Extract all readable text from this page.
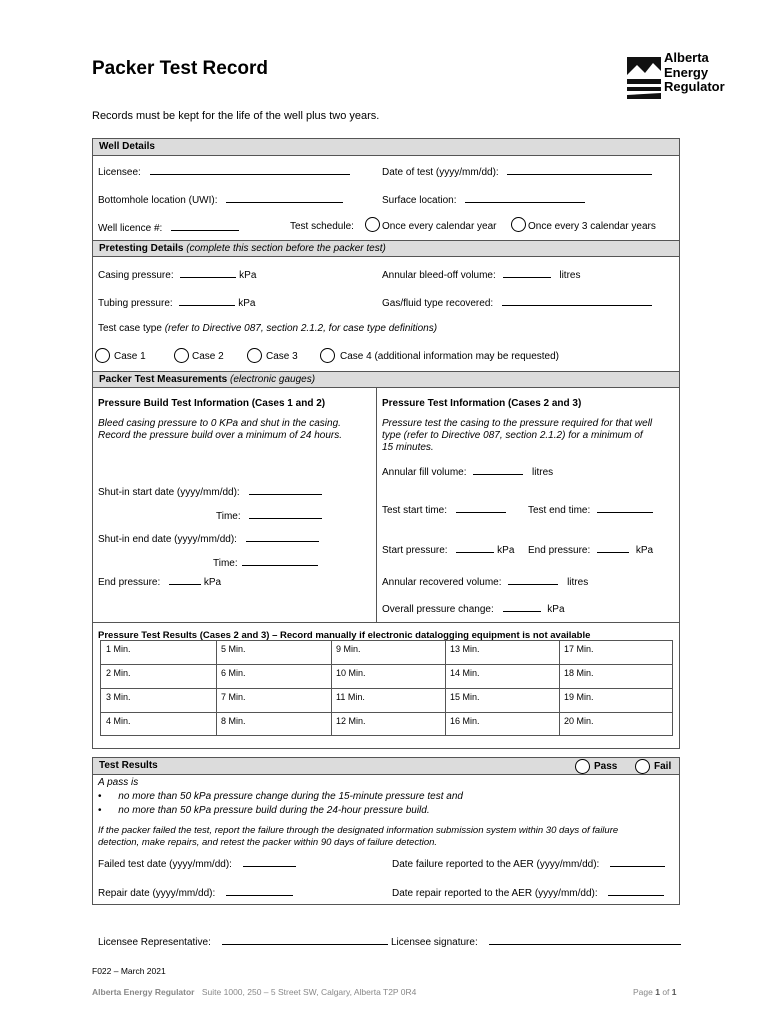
Packer Test Record
Records must be kept for the life of the well plus two years.
Alberta
Energy
Regulator
Well Details
Licensee:	Date of test (yyyy/mm/dd):
Bottomhole location (UWI):	Surface location:
Well licence #:	Test schedule:	Once every calendar year	Once every 3 calendar years
Pretesting Details (complete this section before the packer test)
Casing pressure:	kPa	Annular bleed-off volume:	litres
Tubing pressure:	kPa	Gas/fluid type recovered:
Test case type (refer to Directive 087, section 2.1.2, for case type definitions)
Case 1	Case 2	Case 3	Case 4 (additional information may be requested)
Packer Test Measurements (electronic gauges)
Pressure Build Test Information (Cases 1 and 2)
Bleed casing pressure to 0 KPa and shut in the casing.
Record the pressure build over a minimum of 24 hours.
Shut-in start date (yyyy/mm/dd):
Time:
Shut-in end date (yyyy/mm/dd):
Time:
End pressure:	kPa
Pressure Test Information (Cases 2 and 3)
Pressure test the casing to the pressure required for that well
type (refer to Directive 087, section 2.1.2) for a minimum of
15 minutes.
Annular fill volume:	litres
Test start time:	Test end time:
Start pressure:	kPa End pressure:	kPa
Annular recovered volume:	litres
Overall pressure change:	kPa
Pressure Test Results (Cases 2 and 3) – Record manually if electronic datalogging equipment is not available
1 Min.	5 Min.	9 Min.	13 Min.	17 Min.
2 Min.	6 Min.	10 Min.	14 Min.	18 Min.
3 Min.	7 Min.	11 Min.	15 Min.	19 Min.
4 Min.	8 Min.	12 Min.	16 Min.	20 Min.
Test Results	Pass	Fail
A pass is
• no more than 50 kPa pressure change during the 15-minute pressure test and
• no more than 50 kPa pressure build during the 24-hour pressure build.
If the packer failed the test, report the failure through the designated information submission system within 30 days of failure
detection, make repairs, and retest the packer within 90 days of failure detection.
Failed test date (yyyy/mm/dd):	Date failure reported to the AER (yyyy/mm/dd):
Repair date (yyyy/mm/dd):	Date repair reported to the AER (yyyy/mm/dd):
Licensee Representative:	Licensee signature:
F022 – March 2021
Alberta Energy Regulator Suite 1000, 250 – 5 Street SW, Calgary, Alberta T2P 0R4	Page 1 of 1
